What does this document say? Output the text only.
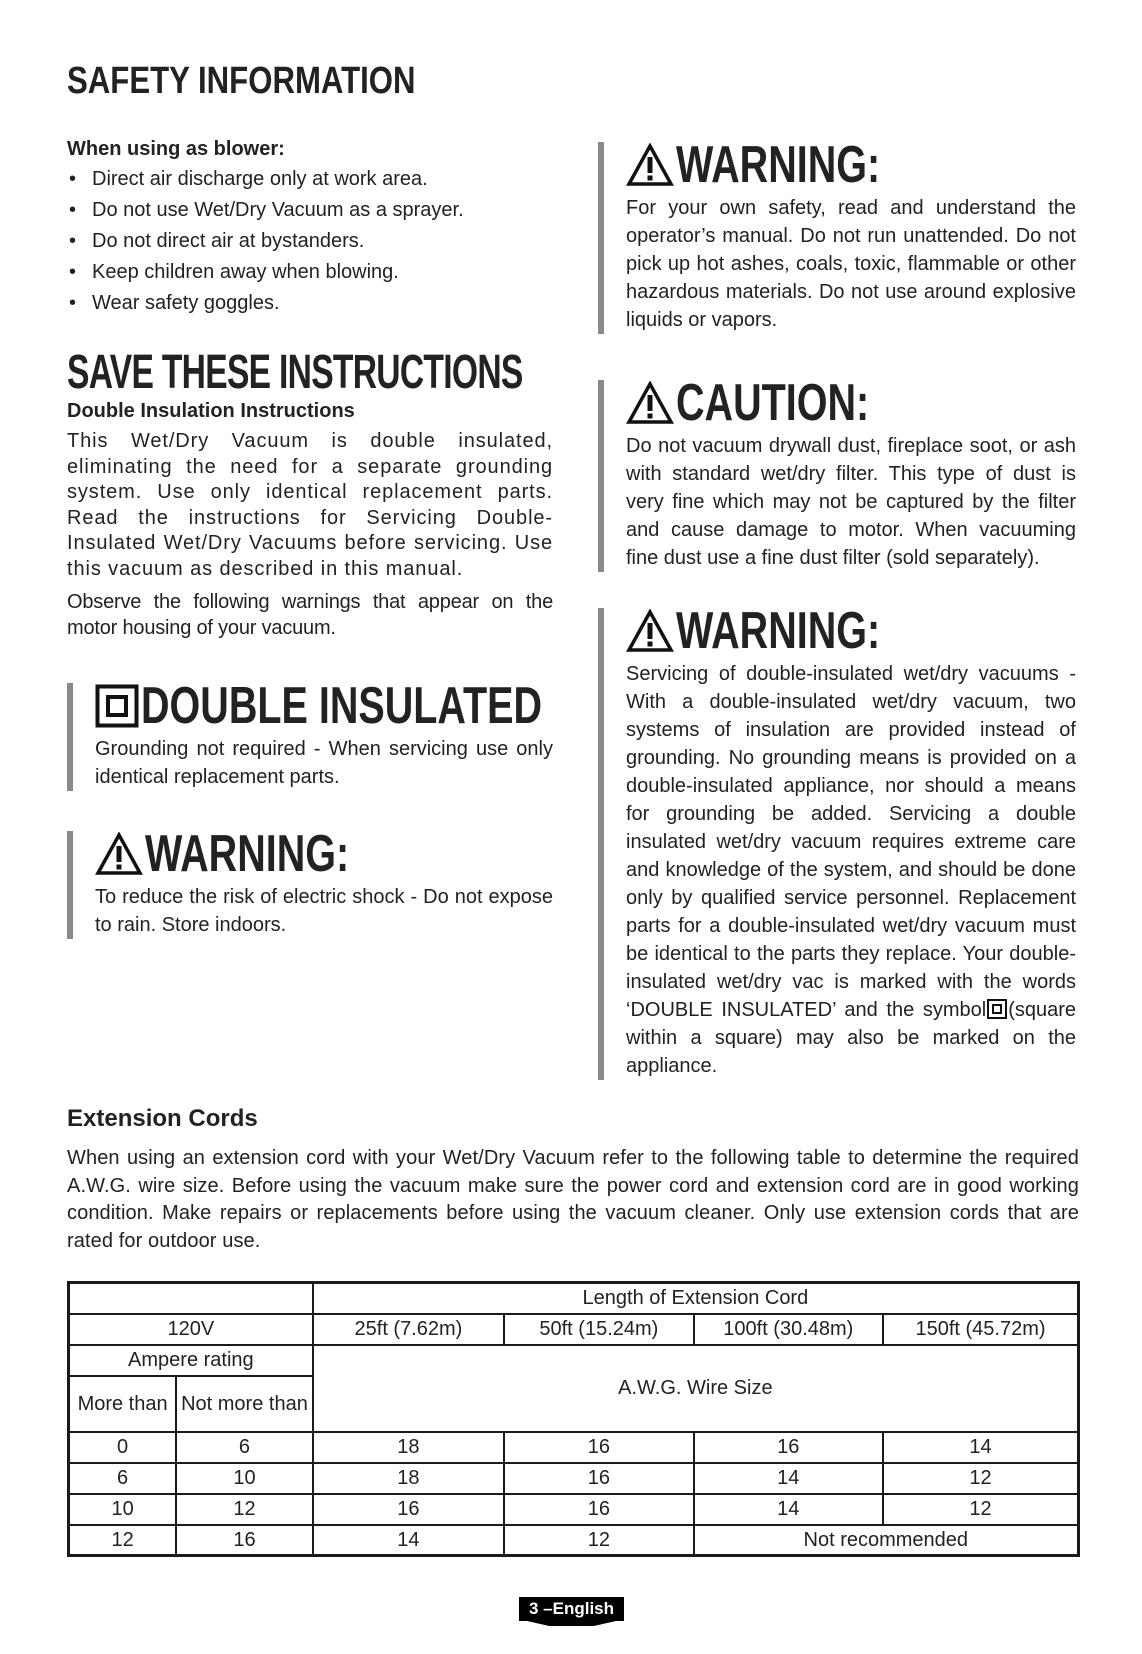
SAFETY INFORMATION
When using as blower:
• Direct air discharge only at work area.
• Do not use Wet/Dry Vacuum as a sprayer.
• Do not direct air at bystanders.
• Keep children away when blowing.
• Wear safety goggles.
SAVE THESE INSTRUCTIONS
Double Insulation Instructions
This Wet/Dry Vacuum is double insulated, eliminating the need for a separate grounding system. Use only identical replacement parts. Read the instructions for Servicing Double-Insulated Wet/Dry Vacuums before servicing. Use this vacuum as described in this manual.
Observe the following warnings that appear on the motor housing of your vacuum.
DOUBLE INSULATED
Grounding not required - When servicing use only identical replacement parts.
WARNING:
To reduce the risk of electric shock - Do not expose to rain. Store indoors.
WARNING:
For your own safety, read and understand the operator’s manual. Do not run unattended. Do not pick up hot ashes, coals, toxic, flammable or other hazardous materials. Do not use around explosive liquids or vapors.
CAUTION:
Do not vacuum drywall dust, fireplace soot, or ash with standard wet/dry filter. This type of dust is very fine which may not be captured by the filter and cause damage to motor. When vacuuming fine dust use a fine dust filter (sold separately).
WARNING:
Servicing of double-insulated wet/dry vacuums - With a double-insulated wet/dry vacuum, two systems of insulation are provided instead of grounding. No grounding means is provided on a double-insulated appliance, nor should a means for grounding be added. Servicing a double insulated wet/dry vacuum requires extreme care and knowledge of the system, and should be done only by qualified service personnel. Replacement parts for a double-insulated wet/dry vacuum must be identical to the parts they replace. Your double-insulated wet/dry vac is marked with the words ‘DOUBLE INSULATED’ and the symbol (square within a square) may also be marked on the appliance.
Extension Cords
When using an extension cord with your Wet/Dry Vacuum refer to the following table to determine the required A.W.G. wire size. Before using the vacuum make sure the power cord and extension cord are in good working condition. Make repairs or replacements before using the vacuum cleaner. Only use extension cords that are rated for outdoor use.
		Length of Extension Cord			
120V		25ft (7.62m)	50ft (15.24m)	100ft (30.48m)	150ft (45.72m)
Ampere rating		A.W.G. Wire Size			
More than	Not more than				
0	6	18	16	16	14
6	10	18	16	14	12
10	12	16	16	14	12
12	16	14	12	Not recommended	
3 –English
